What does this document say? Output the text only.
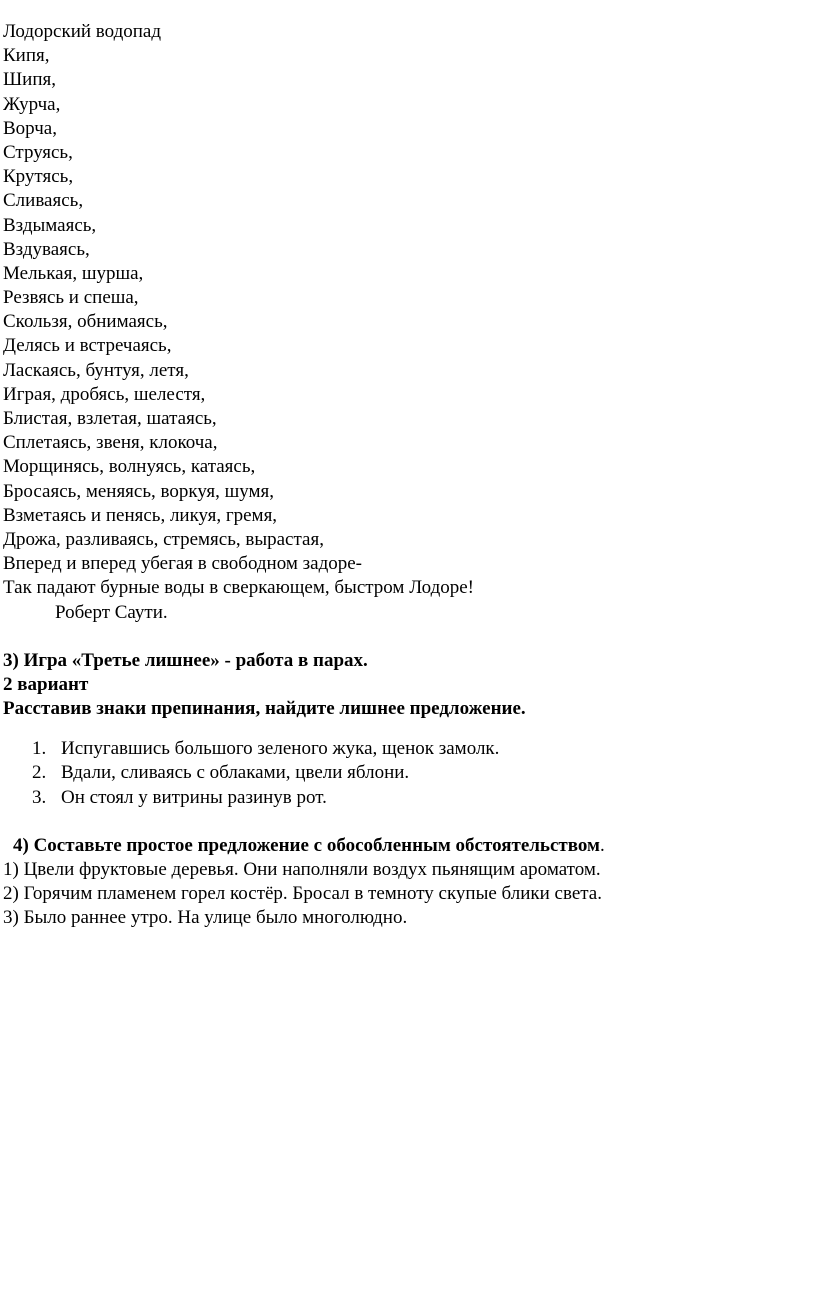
Лодорский водопад
Кипя,
Шипя,
Журча,
Ворча,
Струясь,
Крутясь,
Сливаясь,
Вздымаясь,
Вздуваясь,
Мелькая, шурша,
Резвясь и спеша,
Скользя, обнимаясь,
Делясь и встречаясь,
Ласкаясь, бунтуя, летя,
Играя, дробясь, шелестя,
Блистая, взлетая, шатаясь,
Сплетаясь, звеня, клокоча,
Морщинясь, волнуясь, катаясь,
Бросаясь, меняясь, воркуя, шумя,
Взметаясь и пенясь, ликуя, гремя,
Дрожа, разливаясь, стремясь, вырастая,
Вперед и вперед убегая в свободном задоре-
Так падают бурные воды в сверкающем, быстром Лодоре!
Роберт Саути.
3) Игра «Третье лишнее» - работа в парах.
2 вариант
Расставив знаки препинания, найдите лишнее предложение.
1. Испугавшись большого зеленого жука, щенок замолк.
2. Вдали, сливаясь с облаками, цвели яблони.
3. Он стоял у витрины разинув рот.
4) Составьте простое предложение с обособленным обстоятельством.
1) Цвели фруктовые деревья. Они наполняли воздух пьянящим ароматом.
2) Горячим пламенем горел костёр. Бросал в темноту скупые блики света.
3) Было раннее утро. На улице было многолюдно.
